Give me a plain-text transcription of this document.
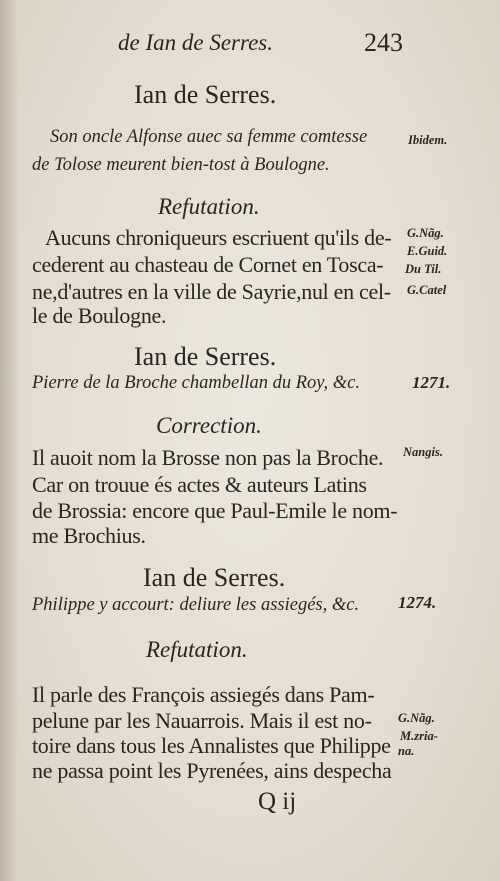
de Ian de Serres.	243
Ian de Serres.
Son oncle Alfonse auec sa femme comtesse	Ibidem.
de Tolose meurent bien-tost à Boulogne.
Refutation.
Aucuns chroniqueurs escriuent qu'ils de-
cederent au chasteau de Cornet en Tosca-
ne,d'autres en la ville de Sayrie,nul en cel-
le de Boulogne.
G.Nãg.
E.Guid.
Du Til.
G.Catel
Ian de Serres.
Pierre de la Broche chambellan du Roy, &c.	1271.
Correction.
Il auoit nom la Brosse non pas la Broche. Nangis.
Car on trouue és actes & auteurs Latins
de Brossia: encore que Paul-Emile le nom-
me Brochius.
Ian de Serres.
Philippe y accourt: deliure les assiegés, &c. 1274.
Refutation.
Il parle des François assiegés dans Pam-
pelune par les Nauarrois. Mais il est no-
toire dans tous les Annalistes que Philippe
ne passa point les Pyrenées, ains despecha
G.Nãg.
M.zria-
na.
Q ij
